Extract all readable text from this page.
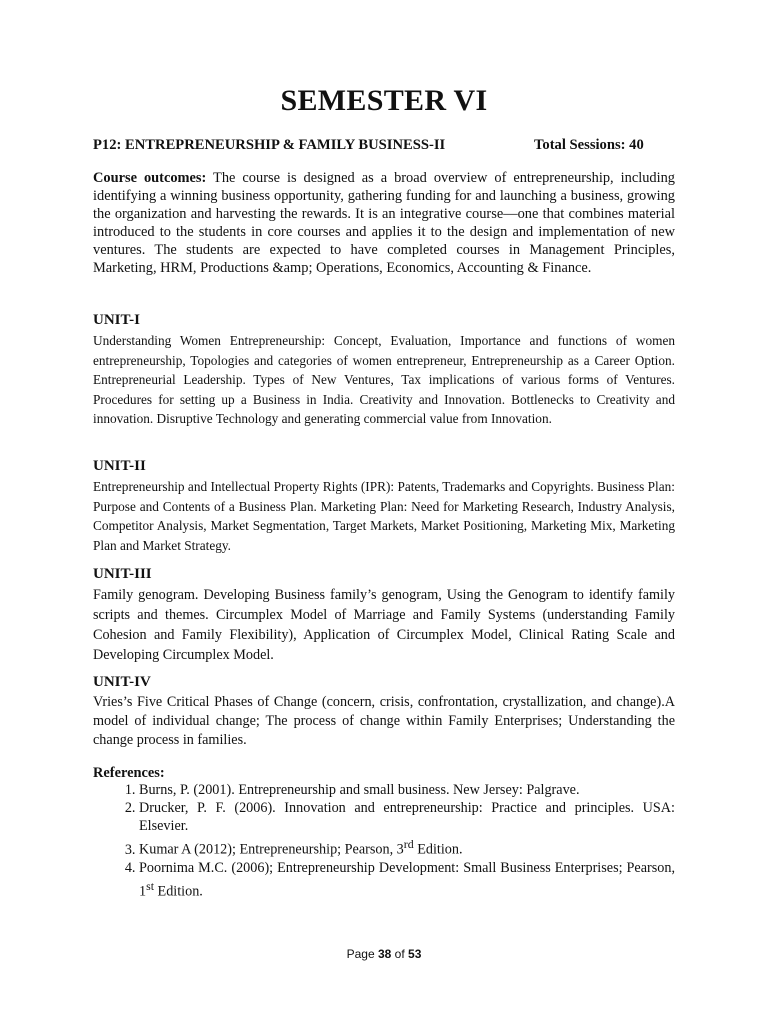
SEMESTER VI
P12: ENTREPRENEURSHIP & FAMILY BUSINESS-II	Total Sessions: 40
Course outcomes: The course is designed as a broad overview of entrepreneurship, including identifying a winning business opportunity, gathering funding for and launching a business, growing the organization and harvesting the rewards. It is an integrative course—one that combines material introduced to the students in core courses and applies it to the design and implementation of new ventures. The students are expected to have completed courses in Management Principles, Marketing, HRM, Productions &amp; Operations, Economics, Accounting & Finance.
UNIT-I
Understanding Women Entrepreneurship: Concept, Evaluation, Importance and functions of women entrepreneurship, Topologies and categories of women entrepreneur, Entrepreneurship as a Career Option. Entrepreneurial Leadership. Types of New Ventures, Tax implications of various forms of Ventures. Procedures for setting up a Business in India. Creativity and Innovation. Bottlenecks to Creativity and innovation. Disruptive Technology and generating commercial value from Innovation.
UNIT-II
Entrepreneurship and Intellectual Property Rights (IPR): Patents, Trademarks and Copyrights. Business Plan: Purpose and Contents of a Business Plan. Marketing Plan: Need for Marketing Research, Industry Analysis, Competitor Analysis, Market Segmentation, Target Markets, Market Positioning, Marketing Mix, Marketing Plan and Market Strategy.
UNIT-III
Family genogram. Developing Business family’s genogram, Using the Genogram to identify family scripts and themes. Circumplex Model of Marriage and Family Systems (understanding Family Cohesion and Family Flexibility), Application of Circumplex Model, Clinical Rating Scale and Developing Circumplex Model.
UNIT-IV
Vries’s Five Critical Phases of Change (concern, crisis, confrontation, crystallization, and change).A model of individual change; The process of change within Family Enterprises; Understanding the change process in families.
References:
1. Burns, P. (2001). Entrepreneurship and small business. New Jersey: Palgrave.
2. Drucker, P. F. (2006). Innovation and entrepreneurship: Practice and principles. USA: Elsevier.
3. Kumar A (2012); Entrepreneurship; Pearson, 3rd Edition.
4. Poornima M.C. (2006); Entrepreneurship Development: Small Business Enterprises; Pearson, 1st Edition.
Page 38 of 53
